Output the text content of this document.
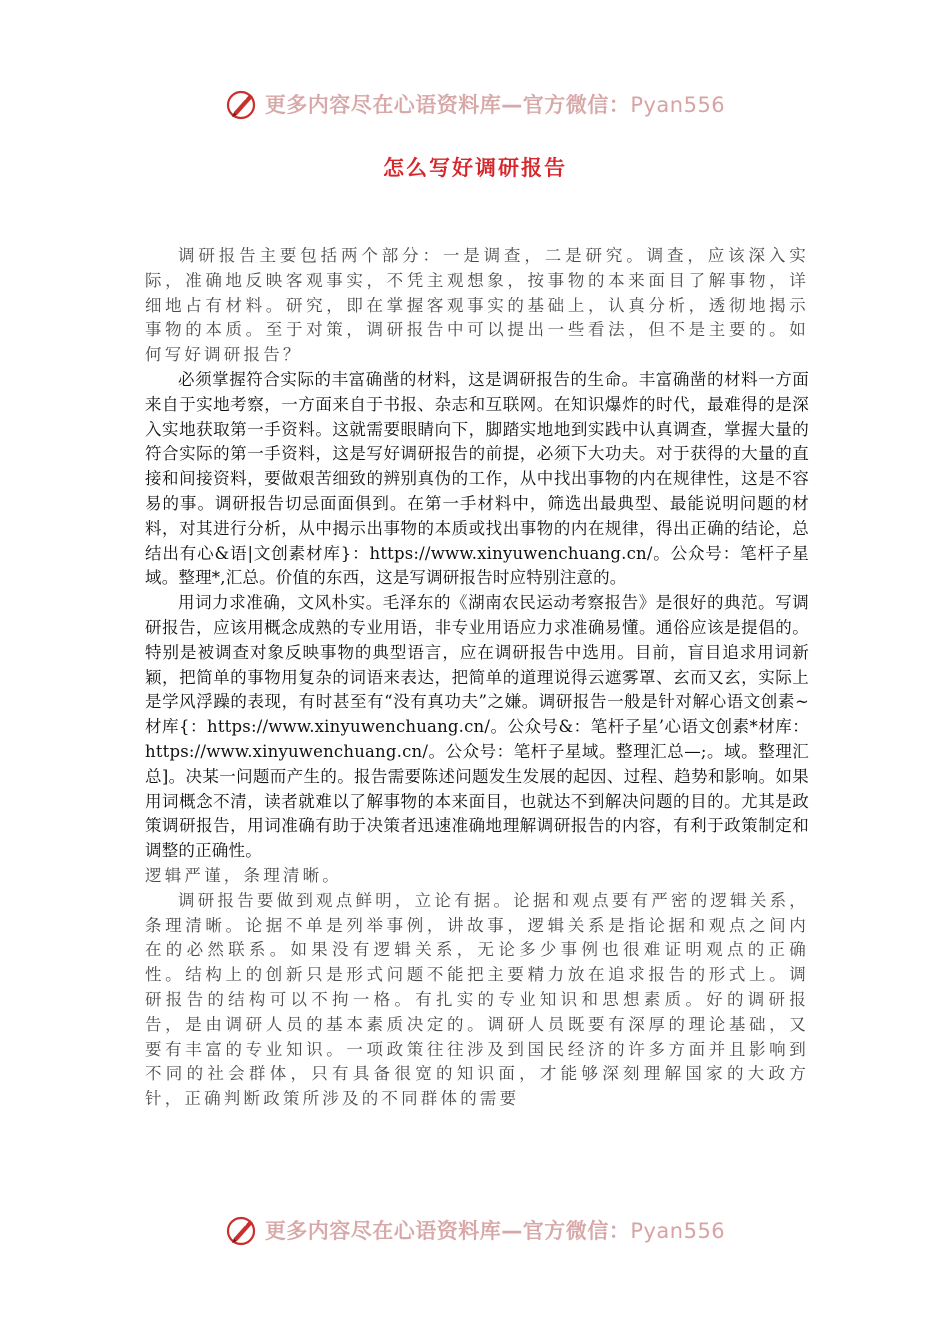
更多内容尽在心语资料库—官方微信：Pyan556
怎么写好调研报告

调研报告主要包括两个部分：一是调查，二是研究。调查，应该深入实际，准确地反映客观事实，不凭主观想象，按事物的本来面目了解事物，详细地占有材料。研究，即在掌握客观事实的基础上，认真分析，透彻地揭示事物的本质。至于对策，调研报告中可以提出一些看法，但不是主要的。如何写好调研报告？

必须掌握符合实际的丰富确凿的材料，这是调研报告的生命。丰富确凿的材料一方面来自于实地考察，一方面来自于书报、杂志和互联网。在知识爆炸的时代，最难得的是深入实地获取第一手资料。这就需要眼睛向下，脚踏实地地到实践中认真调查，掌握大量的符合实际的第一手资料，这是写好调研报告的前提，必须下大功夫。对于获得的大量的直接和间接资料，要做艰苦细致的辨别真伪的工作，从中找出事物的内在规律性，这是不容易的事。调研报告切忌面面俱到。在第一手材料中，筛选出最典型、最能说明问题的材料，对其进行分析，从中揭示出事物的本质或找出事物的内在规律，得出正确的结论，总结出有心&语|文创素材库}：https://www.xinyuwenchuang.cn/。公众号：笔杆子星域。整理*,汇总。价值的东西，这是写调研报告时应特别注意的。

用词力求准确，文风朴实。毛泽东的《湖南农民运动考察报告》是很好的典范。写调研报告，应该用概念成熟的专业用语，非专业用语应力求准确易懂。通俗应该是提倡的。特别是被调查对象反映事物的典型语言，应在调研报告中选用。目前，盲目追求用词新颖，把简单的事物用复杂的词语来表达，把简单的道理说得云遮雾罩、玄而又玄，实际上是学风浮躁的表现，有时甚至有“没有真功夫”之嫌。调研报告一般是针对解心语文创素~材库{：https://www.xinyuwenchuang.cn/。公众号&：笔杆子星’心语文创素*材库：https://www.xinyuwenchuang.cn/。公众号：笔杆子星域。整理汇总—;。域。整理汇总]。决某一问题而产生的。报告需要陈述问题发生发展的起因、过程、趋势和影响。如果用词概念不清，读者就难以了解事物的本来面目，也就达不到解决问题的目的。尤其是政策调研报告，用词准确有助于决策者迅速准确地理解调研报告的内容，有利于政策制定和调整的正确性。

逻辑严谨，条理清晰。

调研报告要做到观点鲜明，立论有据。论据和观点要有严密的逻辑关系，条理清晰。论据不单是列举事例，讲故事，逻辑关系是指论据和观点之间内在的必然联系。如果没有逻辑关系，无论多少事例也很难证明观点的正确性。结构上的创新只是形式问题不能把主要精力放在追求报告的形式上。调研报告的结构可以不拘一格。有扎实的专业知识和思想素质。好的调研报告，是由调研人员的基本素质决定的。调研人员既要有深厚的理论基础，又要有丰富的专业知识。一项政策往往涉及到国民经济的许多方面并且影响到不同的社会群体，只有具备很宽的知识面，才能够深刻理解国家的大政方针，正确判断政策所涉及的不同群体的需要

更多内容尽在心语资料库—官方微信：Pyan556
